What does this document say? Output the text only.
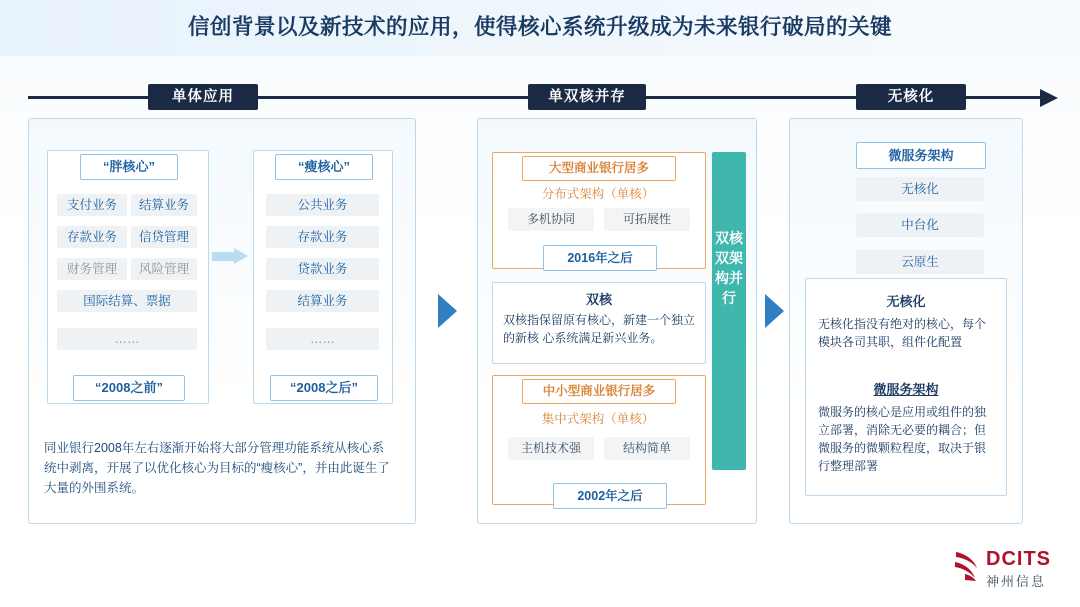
信创背景以及新技术的应用，使得核心系统升级成为未来银行破局的关键
单体应用	单双核并存	无核化
“胖核心”	“瘦核心”
支付业务	结算业务
存款业务	信贷管理
财务管理	风险管理
国际结算、票据
……
“2008之前”
公共业务
存款业务
贷款业务
结算业务
……
“2008之后”
同业银行2008年左右逐渐开始将大部分管理功能系统从核心系统中剥离，开展了以优化核心为目标的“瘦核心”，并由此诞生了大量的外围系统。
大型商业银行居多
分布式架构（单核）
多机协同	可拓展性
2016年之后
双核
双核指保留原有核心，新建一个独立的新核 心系统满足新兴业务。
中小型商业银行居多
集中式架构（单核）
主机技术强	结构简单
2002年之后
双核双架构并行
微服务架构
无核化
中台化
云原生
无核化
无核化指没有绝对的核心，每个模块各司其职，组件化配置
微服务架构
微服务的核心是应用或组件的独立部署，消除无必要的耦合；但微服务的微颗粒程度，取决于银行整理部署
DCITS
神州信息
